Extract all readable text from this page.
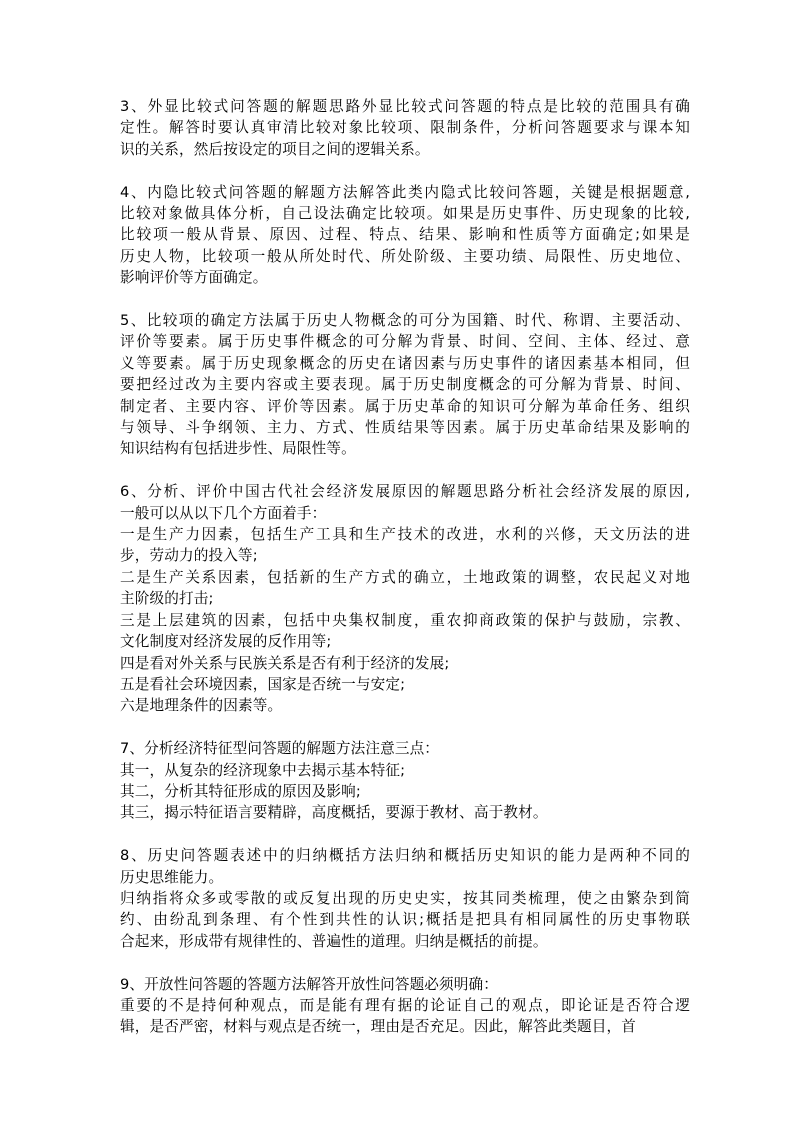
3、外显比较式问答题的解题思路外显比较式问答题的特点是比较的范围具有确
定性。解答时要认真审清比较对象比较项、限制条件，分析问答题要求与课本知
识的关系，然后按设定的项目之间的逻辑关系。
4、内隐比较式问答题的解题方法解答此类内隐式比较问答题，关键是根据题意,
比较对象做具体分析，自己设法确定比较项。如果是历史事件、历史现象的比较,
比较项一般从背景、原因、过程、特点、结果、影响和性质等方面确定;如果是
历史人物，比较项一般从所处时代、所处阶级、主要功绩、局限性、历史地位、
影响评价等方面确定。
5、比较项的确定方法属于历史人物概念的可分为国籍、时代、称谓、主要活动、
评价等要素。属于历史事件概念的可分解为背景、时间、空间、主体、经过、意
义等要素。属于历史现象概念的历史在诸因素与历史事件的诸因素基本相同，但
要把经过改为主要内容或主要表现。属于历史制度概念的可分解为背景、时间、
制定者、主要内容、评价等因素。属于历史革命的知识可分解为革命任务、组织
与领导、斗争纲领、主力、方式、性质结果等因素。属于历史革命结果及影响的
知识结构有包括进步性、局限性等。
6、分析、评价中国古代社会经济发展原因的解题思路分析社会经济发展的原因,
一般可以从以下几个方面着手：
一是生产力因素，包括生产工具和生产技术的改进，水利的兴修，天文历法的进
步，劳动力的投入等;
二是生产关系因素，包括新的生产方式的确立，土地政策的调整，农民起义对地
主阶级的打击;
三是上层建筑的因素，包括中央集权制度，重农抑商政策的保护与鼓励，宗教、
文化制度对经济发展的反作用等;
四是看对外关系与民族关系是否有利于经济的发展;
五是看社会环境因素，国家是否统一与安定;
六是地理条件的因素等。
7、分析经济特征型问答题的解题方法注意三点：
其一，从复杂的经济现象中去揭示基本特征;
其二，分析其特征形成的原因及影响;
其三，揭示特征语言要精辟，高度概括，要源于教材、高于教材。
8、历史问答题表述中的归纳概括方法归纳和概括历史知识的能力是两种不同的
历史思维能力。
归纳指将众多或零散的或反复出现的历史史实，按其同类梳理，使之由繁杂到简
约、由纷乱到条理、有个性到共性的认识;概括是把具有相同属性的历史事物联
合起来，形成带有规律性的、普遍性的道理。归纳是概括的前提。
9、开放性问答题的答题方法解答开放性问答题必须明确：
重要的不是持何种观点，而是能有理有据的论证自己的观点，即论证是否符合逻
辑，是否严密，材料与观点是否统一，理由是否充足。因此，解答此类题目，首
